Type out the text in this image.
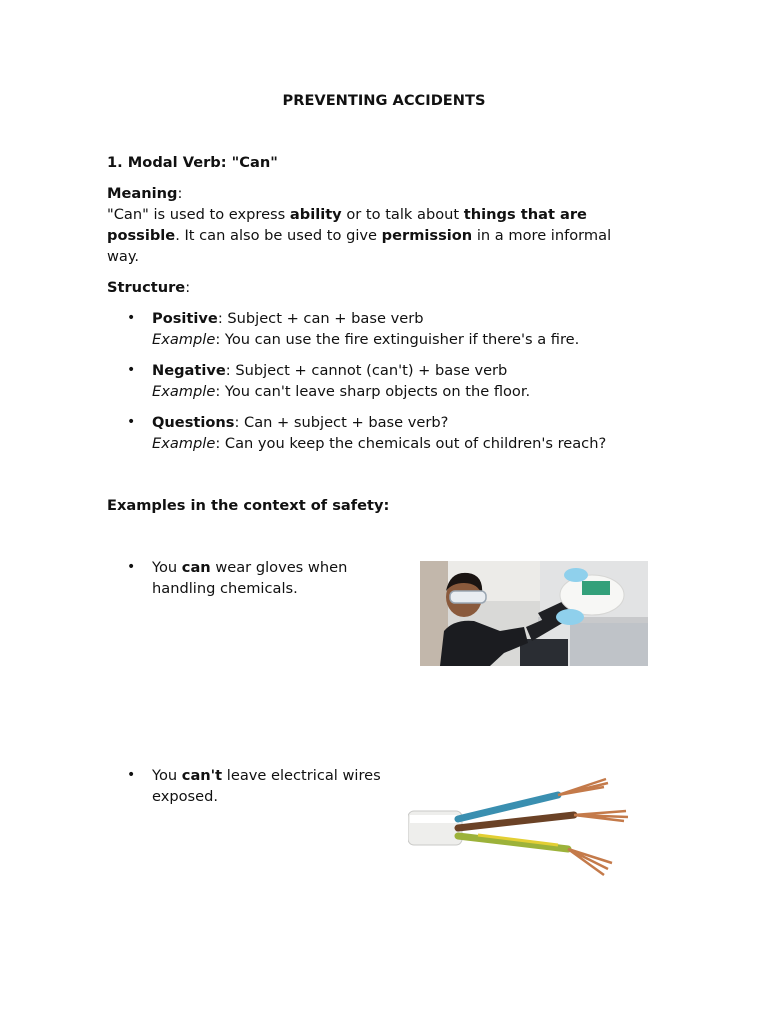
PREVENTING ACCIDENTS
1. Modal Verb: "Can"
Meaning:
"Can" is used to express ability or to talk about things that are possible. It can also be used to give permission in a more informal way.
Structure:
• Positive: Subject + can + base verb
Example: You can use the fire extinguisher if there's a fire.
• Negative: Subject + cannot (can't) + base verb
Example: You can't leave sharp objects on the floor.
• Questions: Can + subject + base verb?
Example: Can you keep the chemicals out of children's reach?
Examples in the context of safety:
• You can wear gloves when handling chemicals.
• You can't leave electrical wires exposed.
